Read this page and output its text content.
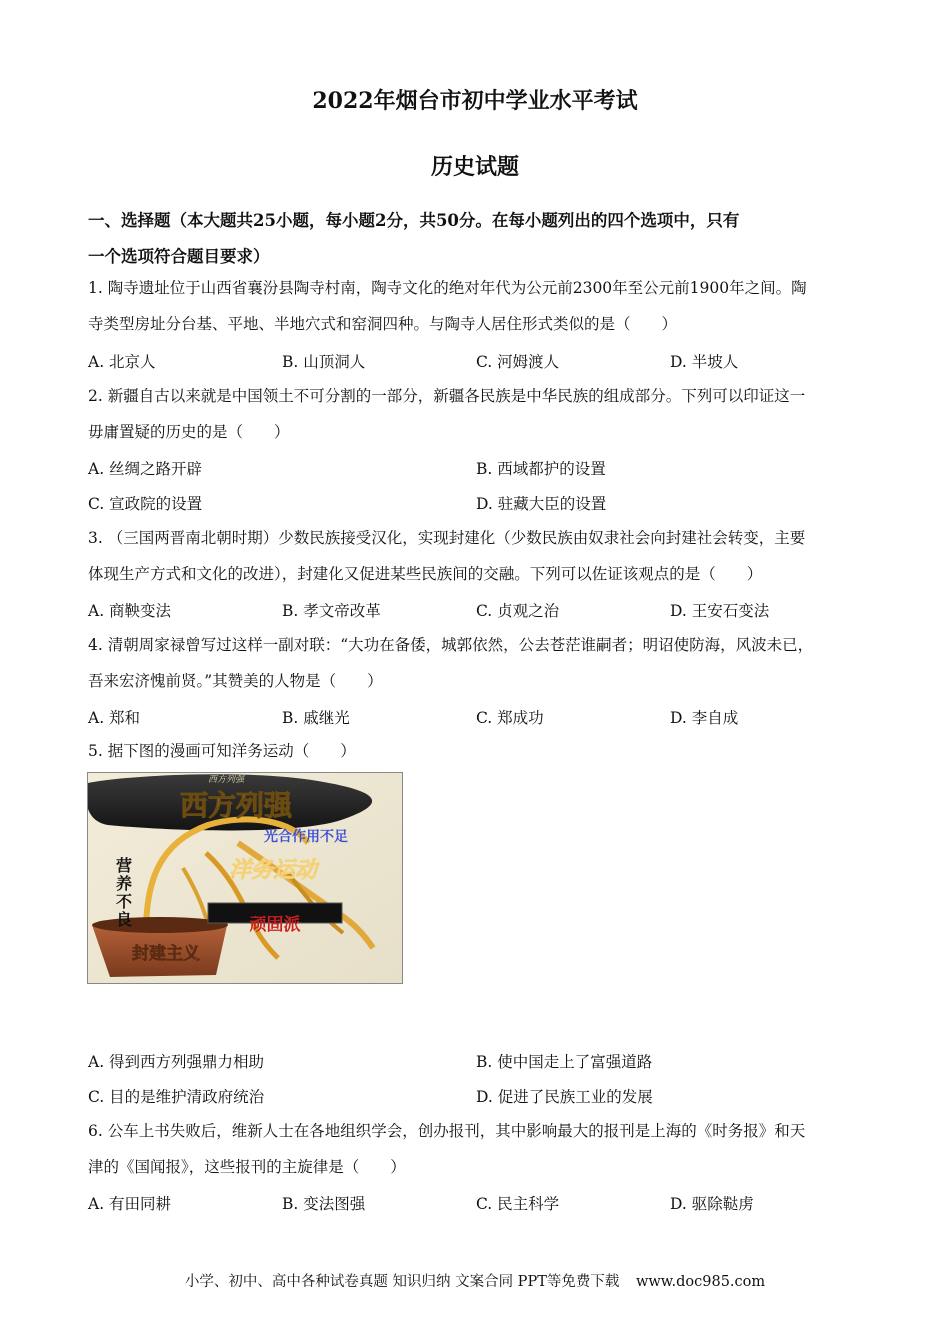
2022年烟台市初中学业水平考试
历史试题
一、选择题（本大题共25小题，每小题2分，共50分。在每小题列出的四个选项中，只有
一个选项符合题目要求）
1. 陶寺遗址位于山西省襄汾县陶寺村南，陶寺文化的绝对年代为公元前2300年至公元前1900年之间。陶
寺类型房址分台基、平地、半地穴式和窑洞四种。与陶寺人居住形式类似的是（　　）
A. 北京人	B. 山顶洞人	C. 河姆渡人	D. 半坡人
2. 新疆自古以来就是中国领土不可分割的一部分，新疆各民族是中华民族的组成部分。下列可以印证这一
毋庸置疑的历史的是（　　）
A. 丝绸之路开辟	B. 西域都护的设置
C. 宣政院的设置	D. 驻藏大臣的设置
3. （三国两晋南北朝时期）少数民族接受汉化，实现封建化（少数民族由奴隶社会向封建社会转变，主要
体现生产方式和文化的改进），封建化又促进某些民族间的交融。下列可以佐证该观点的是（　　）
A. 商鞅变法	B. 孝文帝改革	C. 贞观之治	D. 王安石变法
4. 清朝周家禄曾写过这样一副对联：“大功在备倭，城郭依然，公去苍茫谁嗣者；明诏使防海，风波未已，
吾来宏济愧前贤。”其赞美的人物是（　　）
A. 郑和	B. 戚继光	C. 郑成功	D. 李自成
5. 据下图的漫画可知洋务运动（　　）
西方列强
西方列强
光合作用不足
洋务运动
营
养
不
良	顽固派
封建主义
A. 得到西方列强鼎力相助	B. 使中国走上了富强道路
C. 目的是维护清政府统治	D. 促进了民族工业的发展
6. 公车上书失败后，维新人士在各地组织学会，创办报刊，其中影响最大的报刊是上海的《时务报》和天
津的《国闻报》，这些报刊的主旋律是（　　）
A. 有田同耕	B. 变法图强	C. 民主科学	D. 驱除鞑虏
小学、初中、高中各种试卷真题 知识归纳 文案合同 PPT等免费下载 www.doc985.com
